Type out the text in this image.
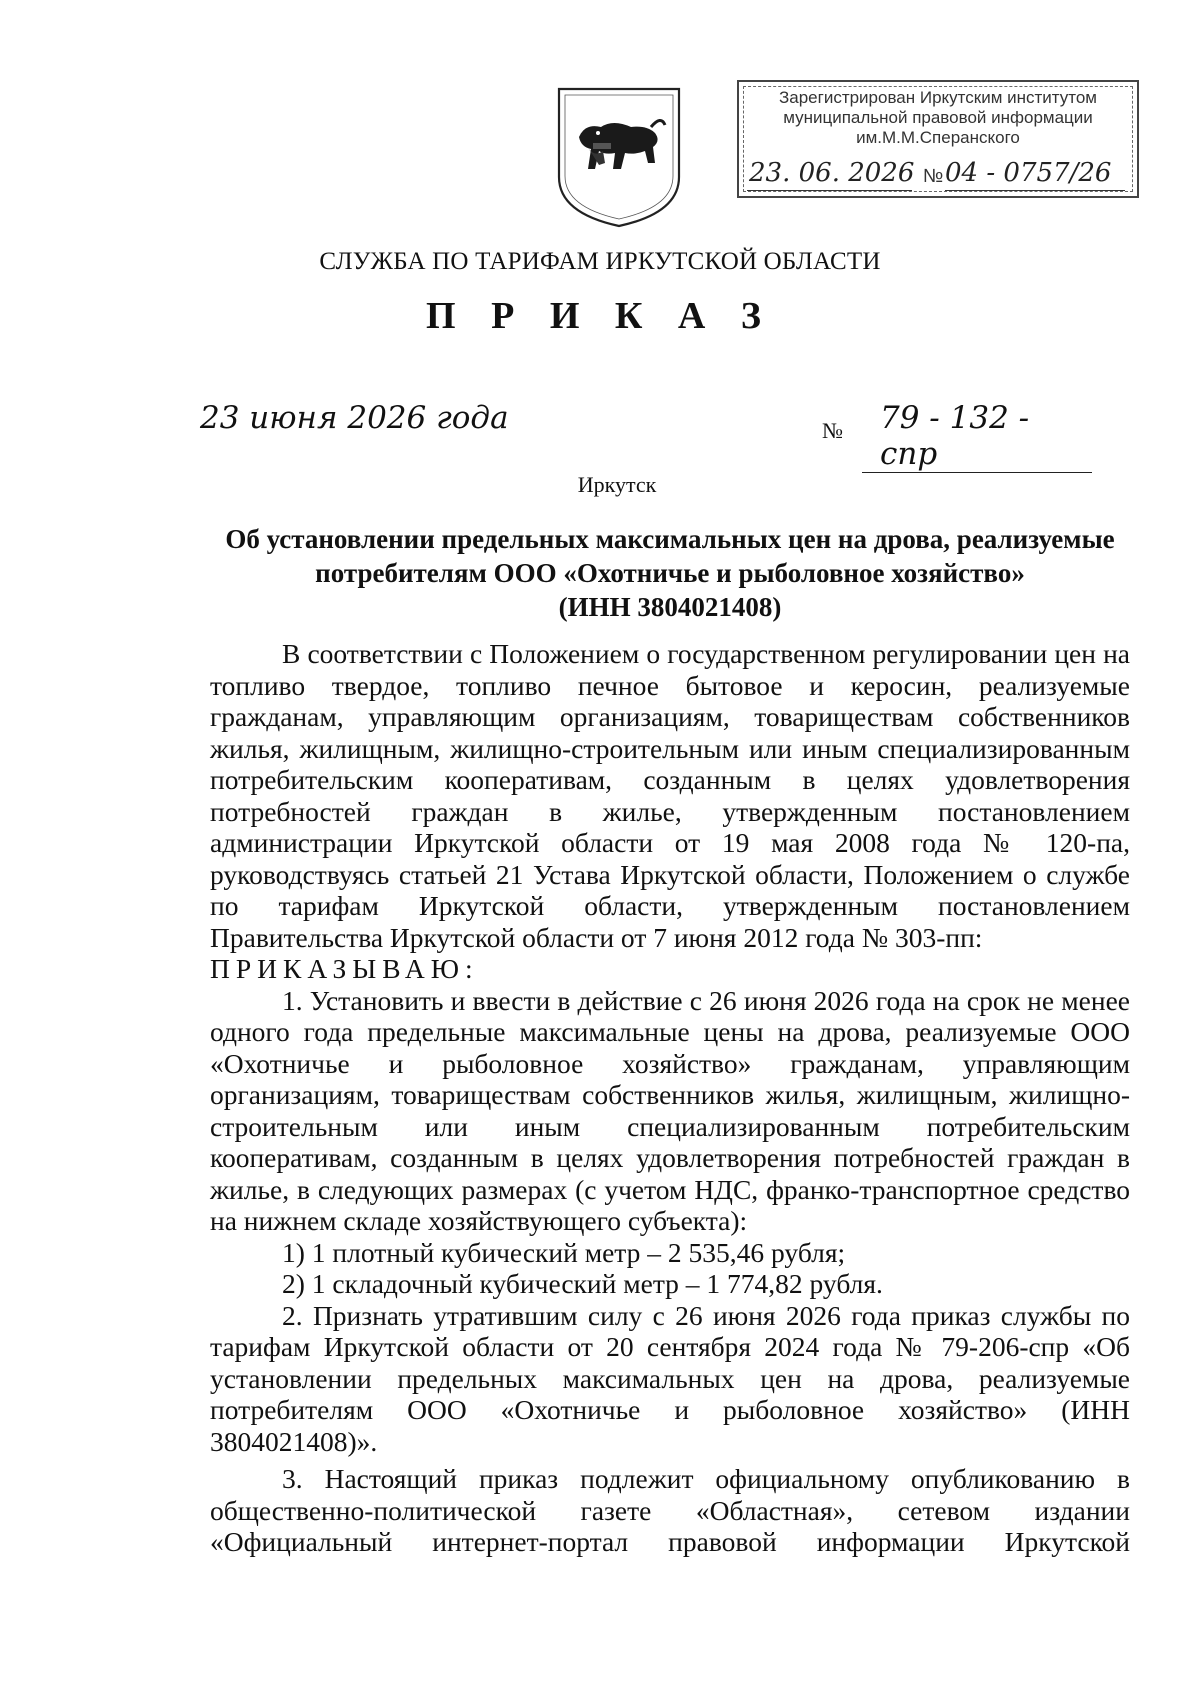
Зарегистрирован Иркутским институтом
муниципальной правовой информации
им.М.М.Сперанского
23. 06. 2026 № 04 - 0757/26
СЛУЖБА ПО ТАРИФАМ ИРКУТСКОЙ ОБЛАСТИ
П Р И К А З
23 июня 2026 года	№	79 - 132 - спр
Иркутск
Об установлении предельных максимальных цен на дрова, реализуемые
потребителям ООО «Охотничье и рыболовное хозяйство»
(ИНН 3804021408)

В соответствии с Положением о государственном регулировании цен на топливо твердое, топливо печное бытовое и керосин, реализуемые гражданам, управляющим организациям, товариществам собственников жилья, жилищным, жилищно-строительным или иным специализированным потребительским кооперативам, созданным в целях удовлетворения потребностей граждан в жилье, утвержденным постановлением администрации Иркутской области от 19 мая 2008 года № 120-па, руководствуясь статьей 21 Устава Иркутской области, Положением о службе по тарифам Иркутской области, утвержденным постановлением Правительства Иркутской области от 7 июня 2012 года № 303-пп:

ПРИКАЗЫВАЮ:

1. Установить и ввести в действие с 26 июня 2026 года на срок не менее одного года предельные максимальные цены на дрова, реализуемые ООО «Охотничье и рыболовное хозяйство» гражданам, управляющим организациям, товариществам собственников жилья, жилищным, жилищно-строительным или иным специализированным потребительским кооперативам, созданным в целях удовлетворения потребностей граждан в жилье, в следующих размерах (с учетом НДС, франко-транспортное средство на нижнем складе хозяйствующего субъекта):

1) 1 плотный кубический метр – 2 535,46 рубля;

2) 1 складочный кубический метр – 1 774,82 рубля.

2. Признать утратившим силу с 26 июня 2026 года приказ службы по тарифам Иркутской области от 20 сентября 2024 года № 79-206-спр «Об установлении предельных максимальных цен на дрова, реализуемые потребителям ООО «Охотничье и рыболовное хозяйство» (ИНН 3804021408)».

3. Настоящий приказ подлежит официальному опубликованию в общественно-политической газете «Областная», сетевом издании «Официальный интернет-портал правовой информации Иркутской
